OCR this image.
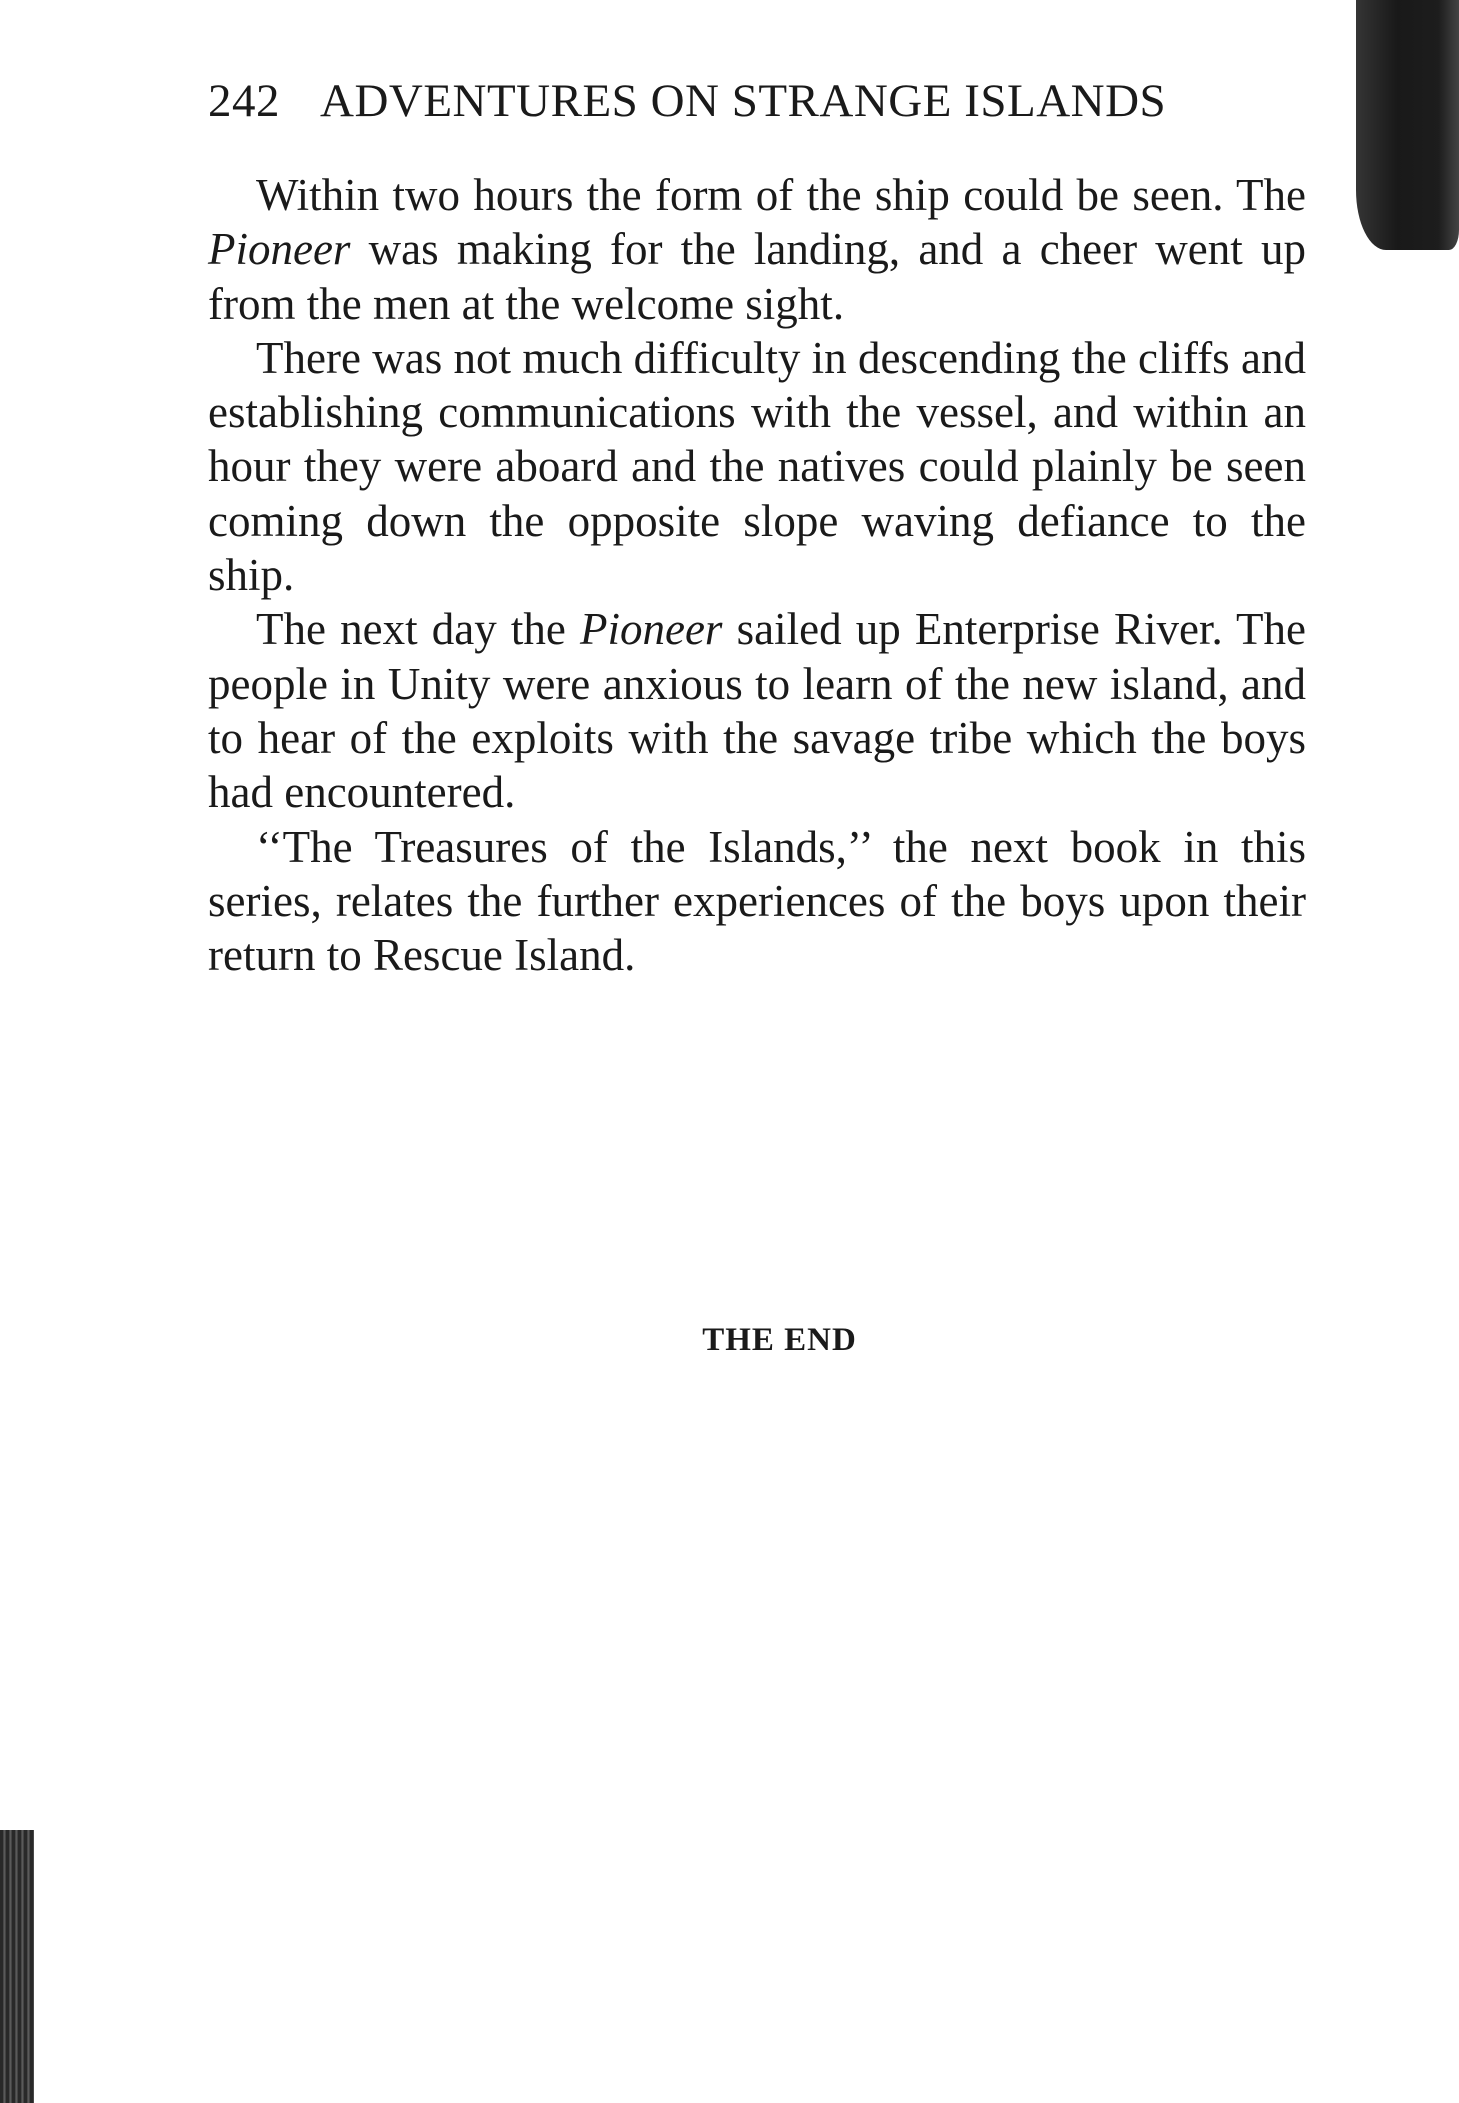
242 ADVENTURES ON STRANGE ISLANDS

Within two hours the form of the ship could be seen. The Pioneer was making for the landing, and a cheer went up from the men at the welcome sight.

There was not much difficulty in descending the cliffs and establishing communications with the vessel, and within an hour they were aboard and the natives could plainly be seen coming down the opposite slope waving defiance to the ship.

The next day the Pioneer sailed up Enterprise River. The people in Unity were anxious to learn of the new island, and to hear of the exploits with the savage tribe which the boys had encountered.

‘‘The Treasures of the Islands,’’ the next book in this series, relates the further experiences of the boys upon their return to Rescue Island.

THE END
